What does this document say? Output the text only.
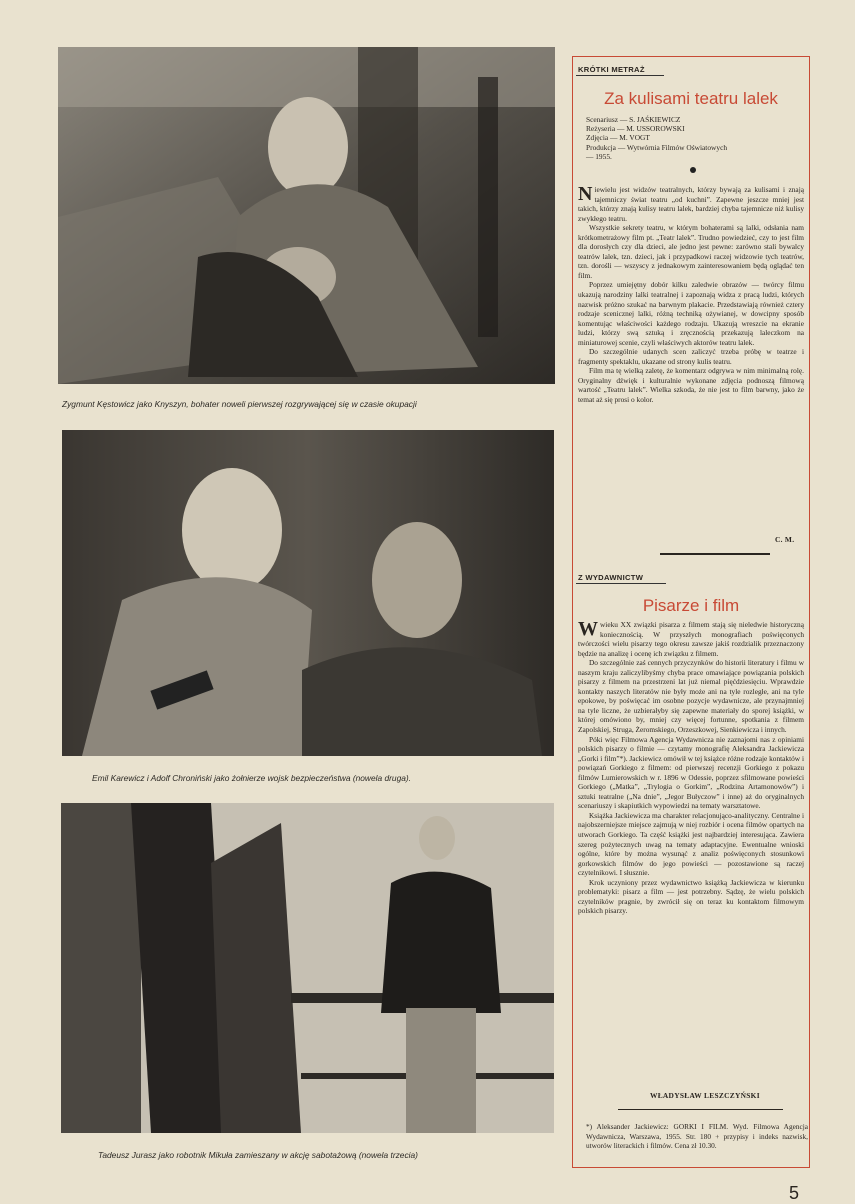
Zygmunt Kęstowicz jako Knyszyn, bohater noweli pierwszej rozgrywającej się w czasie okupacji
Emil Karewicz i Adolf Chroniński jako żołnierze wojsk bezpieczeństwa (nowela druga).
Tadeusz Jurasz jako robotnik Mikuła zamieszany w akcję sabotażową (nowela trzecia)
KRÓTKI METRAŻ
Za kulisami teatru lalek
Scenariusz — S. JAŚKIEWICZ
Reżyseria — M. USSOROWSKI
Zdjęcia — M. VOGT
Produkcja — Wytwórnia Filmów Oświatowych
— 1955.

Niewielu jest widzów teatralnych, którzy bywają za kulisami i znają tajemniczy świat teatru „od kuchni”. Zapewne jeszcze mniej jest takich, którzy znają kulisy teatru lalek, bardziej chyba tajemnicze niż kulisy zwykłego teatru.

Wszystkie sekrety teatru, w którym bohaterami są lalki, odsłania nam krótkometrażowy film pt. „Teatr lalek”. Trudno powiedzieć, czy to jest film dla dorosłych czy dla dzieci, ale jedno jest pewne: zarówno stali bywalcy teatrów lalek, tzn. dzieci, jak i przypadkowi raczej widzowie tych teatrów, tzn. dorośli — wszyscy z jednakowym zainteresowaniem będą oglądać ten film.

Poprzez umiejętny dobór kilku zaledwie obrazów — twórcy filmu ukazują narodziny lalki teatralnej i zapoznają widza z pracą ludzi, których nazwisk próżno szukać na barwnym plakacie. Przedstawiają również cztery rodzaje scenicznej lalki, różną techniką ożywianej, w dowcipny sposób komentując właściwości każdego rodzaju. Ukazują wreszcie na ekranie ludzi, którzy swą sztuką i zręcznością przekazują laleczkom na miniaturowej scenie, czyli właściwych aktorów teatru lalek.

Do szczególnie udanych scen zaliczyć trzeba próbę w teatrze i fragmenty spektaklu, ukazane od strony kulis teatru.

Film ma tę wielką zaletę, że komentarz odgrywa w nim minimalną rolę. Oryginalny dźwięk i kulturalnie wykonane zdjęcia podnoszą filmową wartość „Teatru lalek”. Wielka szkoda, że nie jest to film barwny, jako że temat aż się prosi o kolor.

C. M.
Z WYDAWNICTW
Pisarze i film

Wwieku XX związki pisarza z filmem stają się nieledwie historyczną koniecznością. W przyszłych monografiach poświęconych twórczości wielu pisarzy tego okresu zawsze jakiś rozdzialik przeznaczony będzie na analizę i ocenę ich związku z filmem.

Do szczególnie zaś cennych przyczynków do historii literatury i filmu w naszym kraju zaliczylibyśmy chyba prace omawiające powiązania polskich pisarzy z filmem na przestrzeni lat już niemal pięćdziesięciu. Wprawdzie kontakty naszych literatów nie były może ani na tyle rozległe, ani na tyle epokowe, by poświęcać im osobne pozycje wydawnicze, ale przynajmniej na tyle liczne, że uzbierałyby się zapewne materiały do sporej książki, w której omówiono by, mniej czy więcej fortunne, spotkania z filmem Zapolskiej, Strugа, Żeromskiego, Orzeszkowej, Sienkiewicza i innych.

Póki więc Filmowa Agencja Wydawnicza nie zaznajomi nas z opiniami polskich pisarzy o filmie — czytamy monografię Aleksandra Jackiewicza „Gorki i film”*). Jackiewicz omówił w tej książce różne rodzaje kontaktów i powiązań Gorkiego z filmem: od pierwszej recenzji Gorkiego z pokazu filmów Lumierowskich w r. 1896 w Odessie, poprzez sfilmowane powieści Gorkiego („Matka”, „Trylogia o Gorkim”, „Rodzina Artamonowów”) i sztuki teatralne („Na dnie”, „Jegor Bułyczow” i inne) aż do oryginalnych scenariuszy i skapiutkich wypowiedzi na tematy warsztatowe.

Książka Jackiewicza ma charakter relacjonująco-analityczny. Centralne i najobszerniejsze miejsce zajmują w niej rozbiór i ocena filmów opartych na utworach Gorkiego. Ta część książki jest najbardziej interesująca. Zawiera szereg pożytecznych uwag na tematy adaptacyjne. Ewentualne wnioski ogólne, które by można wysunąć z analiz poświęconych stosunkowi gorkowskich filmów do jego powieści — pozostawione są raczej czytelnikowi. I słusznie.

Krok uczyniony przez wydawnictwo książką Jackiewicza w kierunku problematyki: pisarz a film — jest potrzebny. Sądzę, że wielu polskich czytelników pragnie, by zwrócił się on teraz ku kontaktom filmowym polskich pisarzy.

WŁADYSŁAW LESZCZYŃSKI
*) Aleksander Jackiewicz: GORKI I FILM. Wyd. Filmowa Agencja Wydawnicza, Warszawa, 1955. Str. 180 + przypisy i indeks nazwisk, utworów literackich i filmów. Cena zł 10.30.
5
